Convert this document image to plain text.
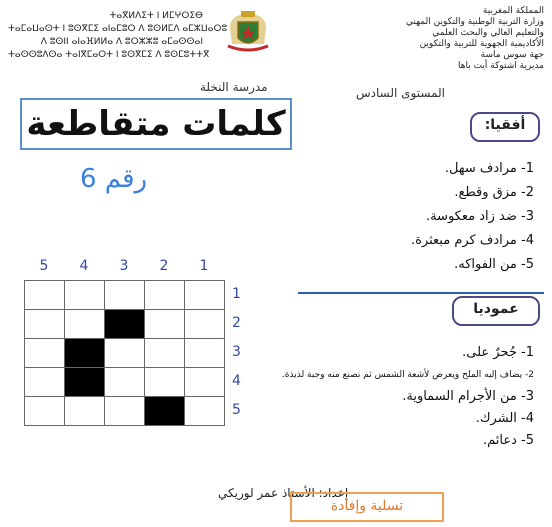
ⵜⴰⴳⵍⴷⵉⵜ ⵏ ⵍⵎⵖⵔⵉⴱ
ⵜⴰⵎⴰⵡⴰⵙⵜ ⵏ ⵓⵙⴳⵎⵉ ⴰⵏⴰⵎⵓⵔ ⴷ ⵓⵙⵍⵎⴷ ⴰⵎⵣⵡⴰⵔⵓ
ⴷ ⵓⵙⵏⵏ ⴰⵏⴰⴼⵍⵍⴰ ⴷ ⵓⵔⵣⵣⵓ ⴰⵎⴰⵙⵙⴰⵏ
ⵜⴰⵙⵙⵓⴷⵙⴰ ⵜⴰⵏⴳⵎⴰⵔⵜ ⵏ ⵓⵙⴳⵎⵉ ⴷ ⵓⵙⵎⵓⵜⵜⴳ
المملكة المغربية
وزارة التربية الوطنية والتكوين المهني
والتعليم العالي والبحث العلمي
الأكاديمية الجهوية للتربية والتكوين
جهة سوس ماسة
مديرية اشتوكة أيت باها
مدرسة النخلة	المستوى السادس
كلمات متقاطعة
رقم 6
أفقيا:
1- مرادف سهل.
2- مزق وقطع.
3- ضد زاد معكوسة.
4- مرادف كرم مبعثرة.
5- من الفواكه.
عموديا
1- جُحرٌ على.
2- يضاف إليه الملح ويعرض لأشعة الشمس ثم نصنع منه وجبة لذيذة.
3- من الأجرام السماوية.
4- الشرك.
5- دعائم.
5	4	3	2	1
1
2
3
4
5
إعداد: الأستاذ عمر لوريكي
تسلية وإفادة
